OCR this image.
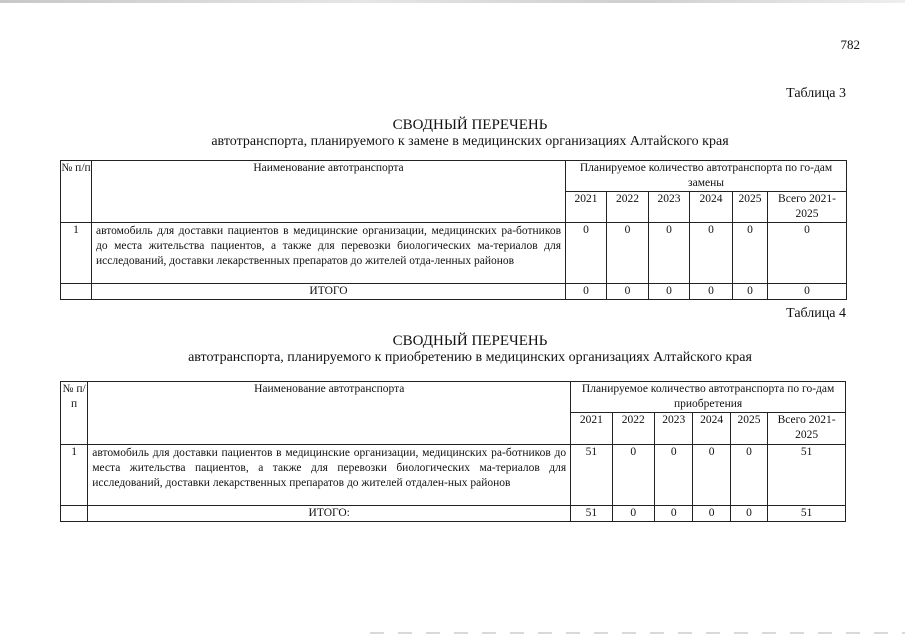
782
Таблица 3
СВОДНЫЙ ПЕРЕЧЕНЬ
автотранспорта, планируемого к замене в медицинских организациях Алтайского края
№ п/п	Наименование автотранспорта	Планируемое количество автотранспорта по го-дам замены					
		2021	2022	2023	2024	2025	Всего 2021-2025
1	автомобиль для доставки пациентов в медицинские организации, медицинских ра-ботников до места жительства пациентов, а также для перевозки биологических ма-териалов для исследований, доставки лекарственных препаратов до жителей отда-ленных районов	0	0	0	0	0	0
	ИТОГО	0	0	0	0	0	0
Таблица 4
СВОДНЫЙ ПЕРЕЧЕНЬ
автотранспорта, планируемого к приобретению в медицинских организациях Алтайского края
№ п/п	Наименование автотранспорта	Планируемое количество автотранспорта по го-дам приобретения					
		2021	2022	2023	2024	2025	Всего 2021-2025
1	автомобиль для доставки пациентов в медицинские организации, медицинских ра-ботников до места жительства пациентов, а также для перевозки биологических ма-териалов для исследований, доставки лекарственных препаратов до жителей отдален-ных районов	51	0	0	0	0	51
	ИТОГО:	51	0	0	0	0	51
